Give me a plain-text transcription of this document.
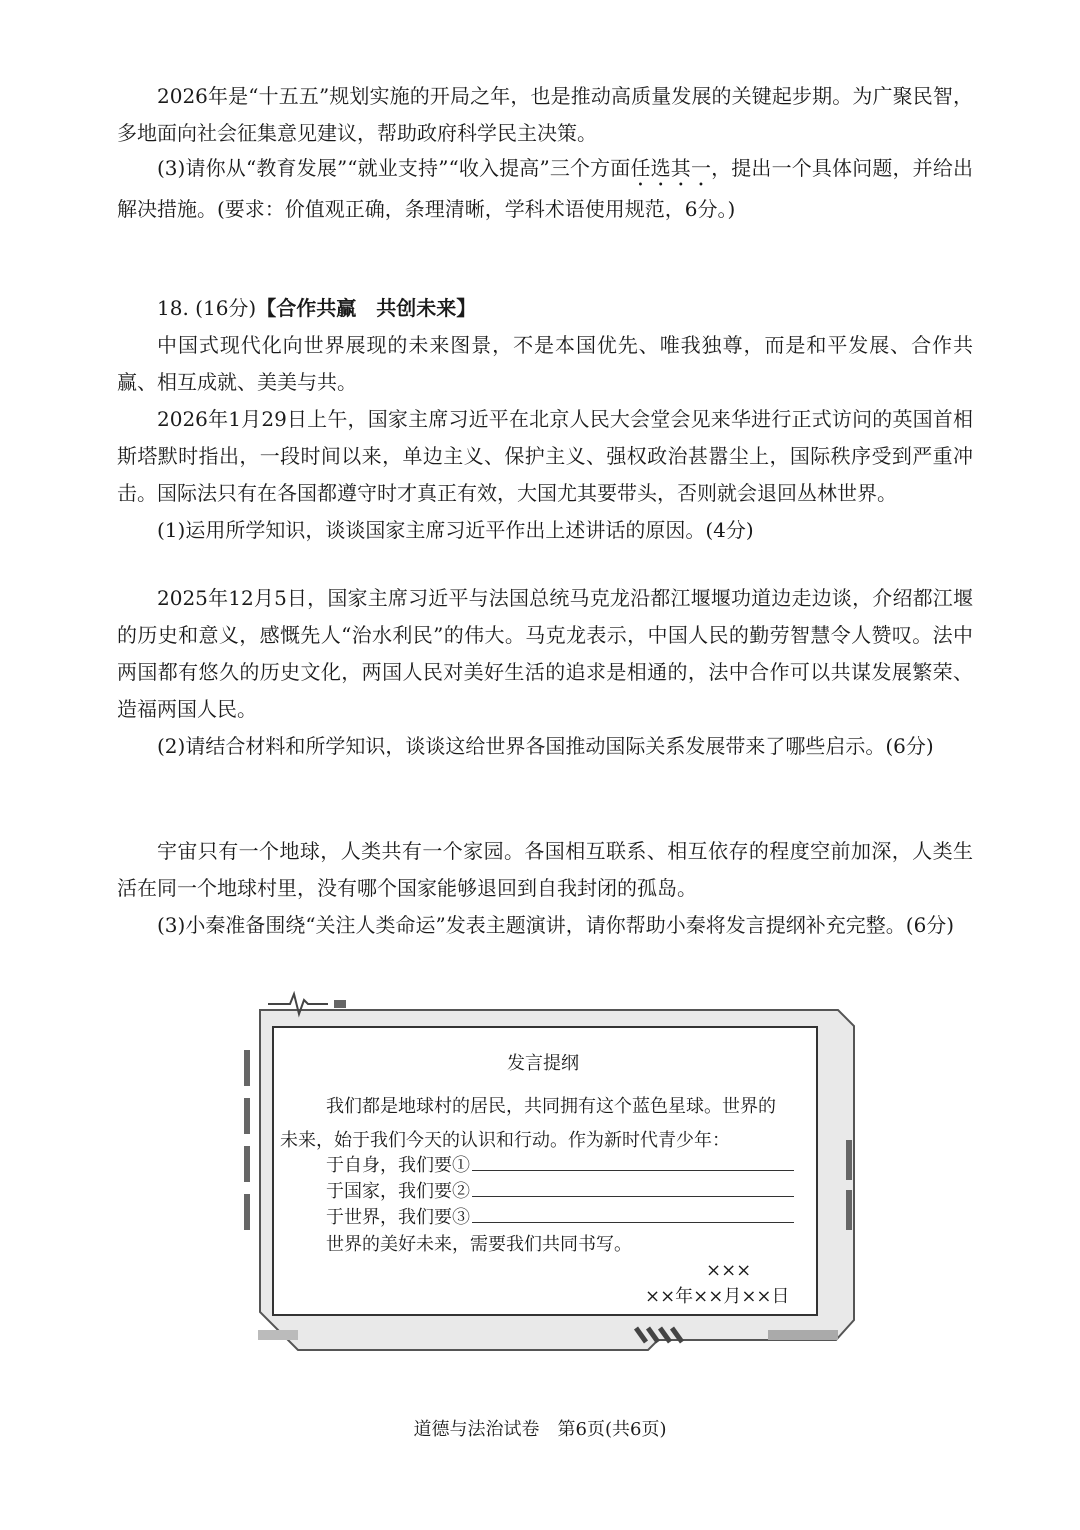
2026年是“十五五”规划实施的开局之年，也是推动高质量发展的关键起步期。为广聚民智，多地面向社会征集意见建议，帮助政府科学民主决策。

(3)请你从“教育发展”“就业支持”“收入提高”三个方面任选其一，提出一个具体问题，并给出解决措施。(要求：价值观正确，条理清晰，学科术语使用规范，6分。)

18. (16分)【合作共赢　共创未来】

中国式现代化向世界展现的未来图景，不是本国优先、唯我独尊，而是和平发展、合作共赢、相互成就、美美与共。

2026年1月29日上午，国家主席习近平在北京人民大会堂会见来华进行正式访问的英国首相斯塔默时指出，一段时间以来，单边主义、保护主义、强权政治甚嚣尘上，国际秩序受到严重冲击。国际法只有在各国都遵守时才真正有效，大国尤其要带头，否则就会退回丛林世界。

(1)运用所学知识，谈谈国家主席习近平作出上述讲话的原因。(4分)

2025年12月5日，国家主席习近平与法国总统马克龙沿都江堰堰功道边走边谈，介绍都江堰的历史和意义，感慨先人“治水利民”的伟大。马克龙表示，中国人民的勤劳智慧令人赞叹。法中两国都有悠久的历史文化，两国人民对美好生活的追求是相通的，法中合作可以共谋发展繁荣、造福两国人民。

(2)请结合材料和所学知识，谈谈这给世界各国推动国际关系发展带来了哪些启示。(6分)

宇宙只有一个地球，人类共有一个家园。各国相互联系、相互依存的程度空前加深，人类生活在同一个地球村里，没有哪个国家能够退回到自我封闭的孤岛。

(3)小秦准备围绕“关注人类命运”发表主题演讲，请你帮助小秦将发言提纲补充完整。(6分)

发言提纲
我们都是地球村的居民，共同拥有这个蓝色星球。世界的
未来，始于我们今天的认识和行动。作为新时代青少年：
于自身，我们要①
于国家，我们要②
于世界，我们要③
世界的美好未来，需要我们共同书写。
×××
××年××月××日
道德与法治试卷　第6页(共6页)
